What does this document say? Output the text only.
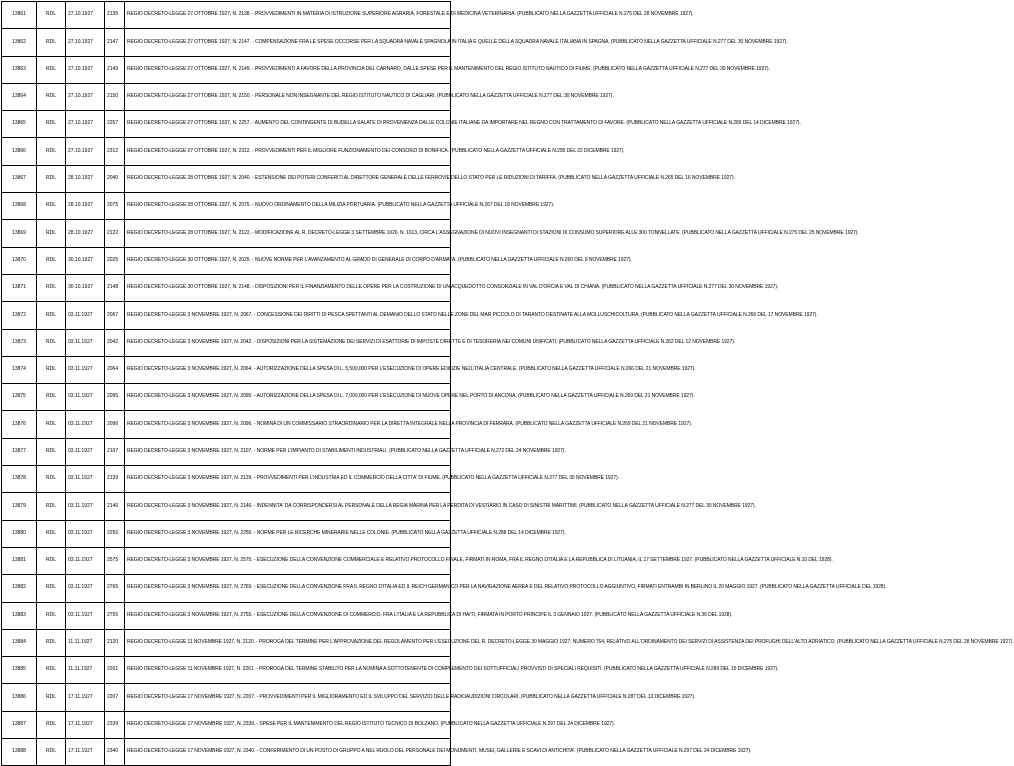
13861	RDL	27.10.1927	2135	REGIO DECRETO-LEGGE 27 OTTOBRE 1927, N. 2138. - PROVVEDIMENTI IN MATERIA DI ISTRUZIONE SUPERIORE AGRARIA, FORESTALE E DI MEDICINA VETERINARIA. (PUBBLICATO NELLA GAZZETTA UFFICIALE N.275 DEL 28 NOVEMBRE 1927).
13862	RDL	27.10.1927	2147	REGIO DECRETO-LEGGE 27 OTTOBRE 1927, N. 2147. - COMPENSAZIONE FRA LE SPESE OCCORSE PER LA SQUADRA NAVALE SPAGNOLA IN ITALIA E QUELLE DELLA SQUADRA NAVALE ITALIANA IN SPAGNA. (PUBBLICATO NELLA GAZZETTA UFFICIALE N.277 DEL 30 NOVEMBRE 1927).
13863	RDL	27.10.1927	2149	REGIO DECRETO-LEGGE 27 OTTOBRE 1927, N. 2149. - PROVVEDIMENTI A FAVORE DELLA PROVINCIA DEL CARNARO, DALLE SPESE PER IL MANTENIMENTO DEL REGIO ISTITUTO NAUTICO DI FIUME. (PUBBLICATO NELLA GAZZETTA UFFICIALE N.277 DEL 30 NOVEMBRE 1927).
13864	RDL	27.10.1927	2150	REGIO DECRETO-LEGGE 27 OTTOBRE 1927, N. 2150. - PERSONALE NON INSEGNANTE DEL REGIO ISTITUTO NAUTICO DI CAGLIARI. (PUBBLICATO NELLA GAZZETTA UFFICIALE N.277 DEL 30 NOVEMBRE 1927).
13865	RDL	27.10.1927	2257	REGIO DECRETO-LEGGE 27 OTTOBRE 1927, N. 2257. - AUMENTO DEL CONTINGENTE DI BUDELLA SALATE DI PROVENIENZA DALLE COLONIE ITALIANE DA IMPORTARE NEL REGNO CON TRATTAMENTO DI FAVORE. (PUBBLICATO NELLA GAZZETTA UFFICIALE N.289 DEL 14 DICEMBRE 1927).
13866	RDL	27.10.1927	2312	REGIO DECRETO-LEGGE 27 OTTOBRE 1927, N. 2312. - PROVVEDIMENTI PER IL MIGLIORE FUNZIONAMENTO DEI CONSORZI DI BONIFICA. (PUBBLICATO NELLA GAZZETTA UFFICIALE N.295 DEL 22 DICEMBRE 1927).
13867	RDL	28.10.1927	2040	REGIO DECRETO-LEGGE 28 OTTOBRE 1927, N. 2040. - ESTENSIONE DEI POTERI CONFERITI AL DIRETTORE GENERALE DELLE FERROVIE DELLO STATO PER LE RIDUZIONI DI TARIFFA. (PUBBLICATO NELLA GAZZETTA UFFICIALE N.265 DEL 16 NOVEMBRE 1927).
13868	RDL	28.10.1927	2075	REGIO DECRETO-LEGGE 28 OTTOBRE 1927, N. 2075. - NUOVO ORDINAMENTO DELLA MILIZIA PORTUARIA. (PUBBLICATO NELLA GAZZETTA UFFICIALE N.267 DEL 18 NOVEMBRE 1927).
13869	RDL	28.10.1927	2122	REGIO DECRETO-LEGGE 28 OTTOBRE 1927, N. 2122. - MODIFICAZIONE AL R. DECRETO-LEGGE 3 SETTEMBRE 1926, N. 1613, CIRCA L'ASSEGNAZIONE DI NUOVI INSEGNANTI DI STAZIONI DI CONSUMO SUPERIORE ALLE 300 TONNELLATE. (PUBBLICATO NELLA GAZZETTA UFFICIALE N.275 DEL 25 NOVEMBRE 1927).
13870	RDL	30.10.1927	2025	REGIO DECRETO-LEGGE 30 OTTOBRE 1927, N. 2025. - NUOVE NORME PER L'AVANZAMENTO AL GRADO DI GENERALE DI CORPO D'ARMATA. (PUBBLICATO NELLA GAZZETTA UFFICIALE N.260 DEL 9 NOVEMBRE 1927).
13871	RDL	30.10.1927	2148	REGIO DECRETO-LEGGE 30 OTTOBRE 1927, N. 2148. - DISPOSIZIONI PER IL FINANZIAMENTO DELLE OPERE PER LA COSTRUZIONE DI UN ACQUEDOTTO CONSORZIALE IN VAL D'ORCIA E VAL DI CHIANA. (PUBBLICATO NELLA GAZZETTA UFFICIALE N.277 DEL 30 NOVEMBRE 1927).
13872	RDL	03.11.1927	2067	REGIO DECRETO-LEGGE 3 NOVEMBRE 1927, N. 2067. - CONCESSIONE DEI DIRITTI DI PESCA SPETTANTI AL DEMANIO DELLO STATO NELLE ZONE DEL MAR PICCOLO DI TARANTO DESTINATE ALLA MOLLUSCHICOLTURA. (PUBBLICATO NELLA GAZZETTA UFFICIALE N.266 DEL 17 NOVEMBRE 1927).
13873	RDL	03.11.1927	2042	REGIO DECRETO-LEGGE 3 NOVEMBRE 1927, N. 2042. - DISPOSIZIONI PER LA SISTEMAZIONE DEI SERVIZI DI ESATTORIE DI IMPOSTE DIRETTE E DI TESORERIA NEI COMUNI UNIFICATI. (PUBBLICATO NELLA GAZZETTA UFFICIALE N.262 DEL 12 NOVEMBRE 1927).
13874	RDL	03.11.1927	2064	REGIO DECRETO-LEGGE 3 NOVEMBRE 1927, N. 2064. - AUTORIZZAZIONE DELLA SPESA DI L. 5,500,000 PER L'ESECUZIONE DI OPERE EDILIZIE NELL'ITALIA CENTRALE. (PUBBLICATO NELLA GAZZETTA UFFICIALE N.266 DEL 21 NOVEMBRE 1927).
13875	RDL	03.11.1927	2095	REGIO DECRETO-LEGGE 3 NOVEMBRE 1927, N. 2095. - AUTORIZZAZIONE DELLA SPESA DI L. 7,000,000 PER L'ESECUZIONE DI NUOVE OPERE NEL PORTO DI ANCONA. (PUBBLICATO NELLA GAZZETTA UFFICIALE N.269 DEL 21 NOVEMBRE 1927).
13876	RDL	03.11.1927	2096	REGIO DECRETO-LEGGE 3 NOVEMBRE 1927, N. 2096. - NOMINA DI UN COMMISSARIO STRAORDINARIO PER LA DIRETTA INTEGRALE NELLA PROVINCIA DI FERRARA. (PUBBLICATO NELLA GAZZETTA UFFICIALE N.269 DEL 21 NOVEMBRE 1927).
13877	RDL	03.11.1927	2107	REGIO DECRETO-LEGGE 3 NOVEMBRE 1927, N. 2107. - NORME PER L'IMPIANTO DI STABILIMENTI INDUSTRIALI. (PUBBLICATO NELLA GAZZETTA UFFICIALE N.272 DEL 24 NOVEMBRE 1927).
13878	RDL	03.11.1927	2139	REGIO DECRETO-LEGGE 3 NOVEMBRE 1927, N. 2139. - PROVVEDIMENTI PER L'INDUSTRIA ED IL COMMERCIO DELLA CITTA' DI FIUME. (PUBBLICATO NELLA GAZZETTA UFFICIALE N.277 DEL 30 NOVEMBRE 1927).
13879	RDL	03.11.1927	2146	REGIO DECRETO-LEGGE 3 NOVEMBRE 1927, N. 2146. - INDENNITA' DA CORRISPONDERSI AL PERSONALE DELLA REGIA MARINA PER LA PERDITA DI VESTIARIO IN CASO DI SINISTRI MARITTIMI. (PUBBLICATO NELLA GAZZETTA UFFICIALE N.277 DEL 30 NOVEMBRE 1927).
13880	RDL	03.11.1927	2256	REGIO DECRETO-LEGGE 3 NOVEMBRE 1927, N. 2256. - NORME PER LE RICERCHE MINERARIE NELLE COLONIE. (PUBBLICATO NELLA GAZZETTA UFFICIALE N.288 DEL 14 DICEMBRE 1927).
13881	RDL	03.11.1927	2575	REGIO DECRETO-LEGGE 3 NOVEMBRE 1927, N. 2575. - ESECUZIONE DELLA CONVENZIONE COMMERCIALE E RELATIVO PROTOCOLLO FINALE, FIRMATI IN ROMA, FRA IL REGNO D'ITALIA E LA REPUBBLICA DI LITUANIA, IL 17 SETTEMBRE 1927. (PUBBLICATO NELLA GAZZETTA UFFICIALE N.10 DEL 1928).
13882	RDL	03.11.1927	2765	REGIO DECRETO-LEGGE 3 NOVEMBRE 1927, N. 2765. - ESECUZIONE DELLA CONVENZIONE FRA IL REGNO D'ITALIA ED IL REICH GERMANICO PER LA NAVIGAZIONE AEREA E DEL RELATIVO PROTOCOLLO AGGIUNTIVO, FIRMATI ENTRAMBI IN BERLINO IL 20 MAGGIO 1927. (PUBBLICATO NELLA GAZZETTA UFFICIALE DEL 1928).
13883	RDL	03.11.1927	2755	REGIO DECRETO-LEGGE 3 NOVEMBRE 1927, N. 2755. - ESECUZIONE DELLA CONVENZIONE DI COMMERCIO, FRA L'ITALIA E LA REPUBBLICA DI HAITI, FIRMATA IN PORTO PRINCIPE IL 3 GENNAIO 1927. (PUBBLICATO NELLA GAZZETTA UFFICIALE N.36 DEL 1928).
13884	RDL	11.11.1927	2120	REGIO DECRETO-LEGGE 11 NOVEMBRE 1927, N. 2120. - PROROGA DEL TERMINE PER L'APPROVAZIONE DEL REGOLAMENTO PER L'ESECUZIONE DEL R. DECRETO-LEGGE 30 MAGGIO 1927, NUMERO 764, RELATIVO ALL'ORDINAMENTO DEI SERVIZI DI ASSISTENZA DEI PROFUGHI DELL'ALTO ADRIATICO. (PUBBLICATO NELLA GAZZETTA UFFICIALE N.275 DEL 28 NOVEMBRE 1927).
13885	RDL	11.11.1927	2261	REGIO DECRETO-LEGGE 11 NOVEMBRE 1927, N. 2261. - PROROGA DEL TERMINE STABILITO PER LA NOMINA A SOTTOTENENTE DI COMPLEMENTO DEI SOTTUFFICIALI PROVVISTI DI SPECIALI REQUISITI. (PUBBLICATO NELLA GAZZETTA UFFICIALE N.289 DEL 15 DICEMBRE 1927).
13886	RDL	17.11.1927	2207	REGIO DECRETO-LEGGE 17 NOVEMBRE 1927, N. 2207. - PROVVEDIMENTI PER IL MIGLIORAMENTO ED IL SVILUPPO DEL SERVIZIO DELLE RADIOAUDIZIONI CIRCOLARI. (PUBBLICATO NELLA GAZZETTA UFFICIALE N.287 DEL 13 DICEMBRE 1927).
13887	RDL	17.11.1927	2339	REGIO DECRETO-LEGGE 17 NOVEMBRE 1927, N. 2339. - SPESE PER IL MANTENIMENTO DEL REGIO ISTITUTO TECNICO DI BOLZANO. (PUBBLICATO NELLA GAZZETTA UFFICIALE N.297 DEL 24 DICEMBRE 1927).
13888	RDL	17.11.1927	2340	REGIO DECRETO-LEGGE 17 NOVEMBRE 1927, N. 2340. - CONFERIMENTO DI UN POSTO DI GRUPPO A NEL RUOLO DEL PERSONALE DEI MONUMENTI, MUSEI, GALLERIE E SCAVI DI ANTICHITA'. (PUBBLICATO NELLA GAZZETTA UFFICIALE N.297 DEL 24 DICEMBRE 1927).
